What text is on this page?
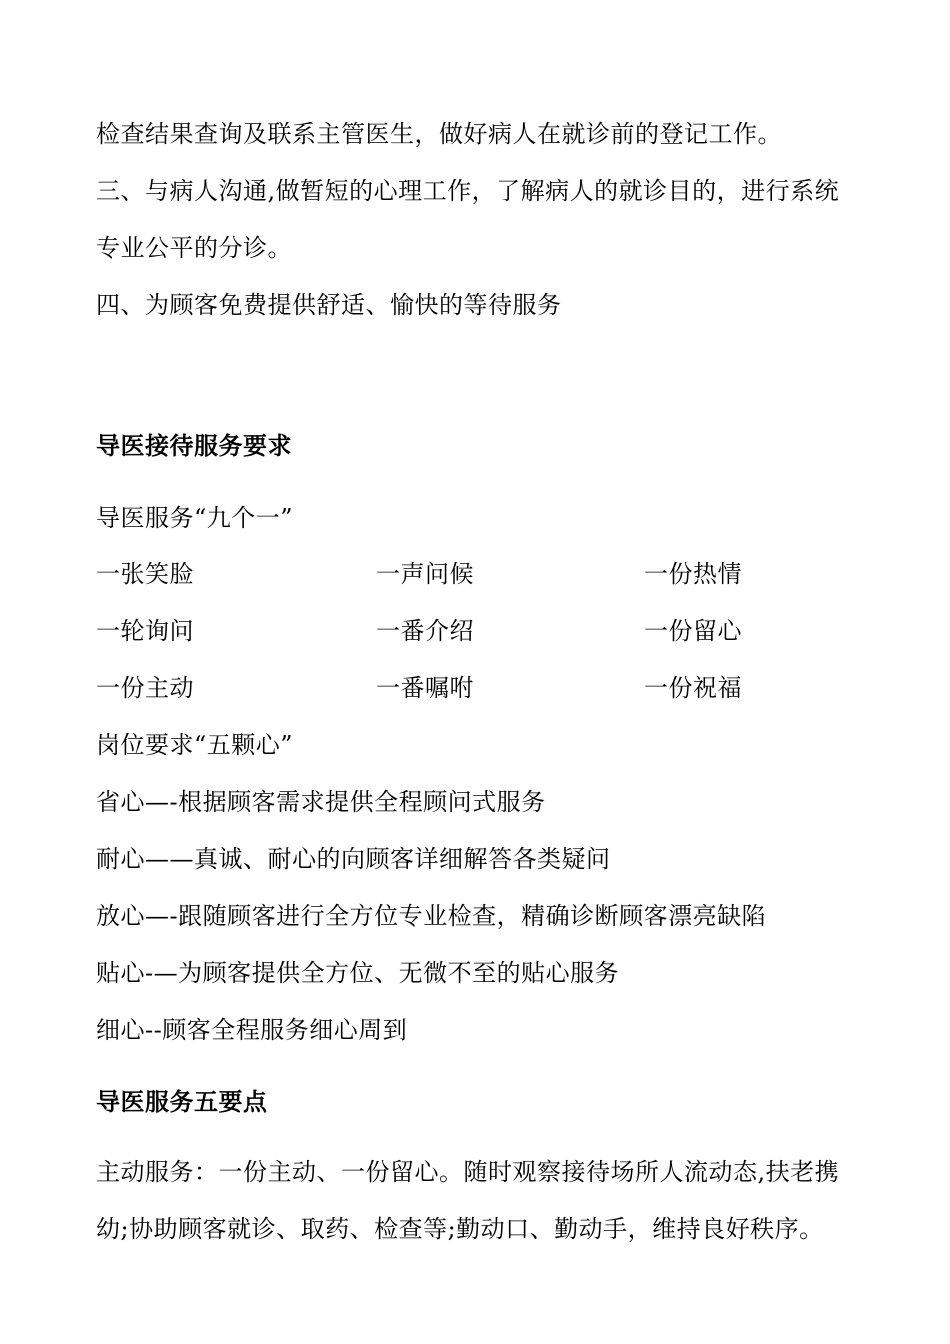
检查结果查询及联系主管医生，做好病人在就诊前的登记工作。
三、与病人沟通,做暂短的心理工作，了解病人的就诊目的，进行系统
专业公平的分诊。
四、为顾客免费提供舒适、愉快的等待服务
导医接待服务要求
导医服务“九个一”
一张笑脸	一声问候	一份热情
一轮询问	一番介绍	一份留心
一份主动	一番嘱咐	一份祝福
岗位要求“五颗心”
省心—-根据顾客需求提供全程顾问式服务
耐心——真诚、耐心的向顾客详细解答各类疑问
放心—-跟随顾客进行全方位专业检查，精确诊断顾客漂亮缺陷
贴心-—为顾客提供全方位、无微不至的贴心服务
细心--顾客全程服务细心周到
导医服务五要点
主动服务：一份主动、一份留心。随时观察接待场所人流动态,扶老携
幼;协助顾客就诊、取药、检查等;勤动口、勤动手，维持良好秩序。
